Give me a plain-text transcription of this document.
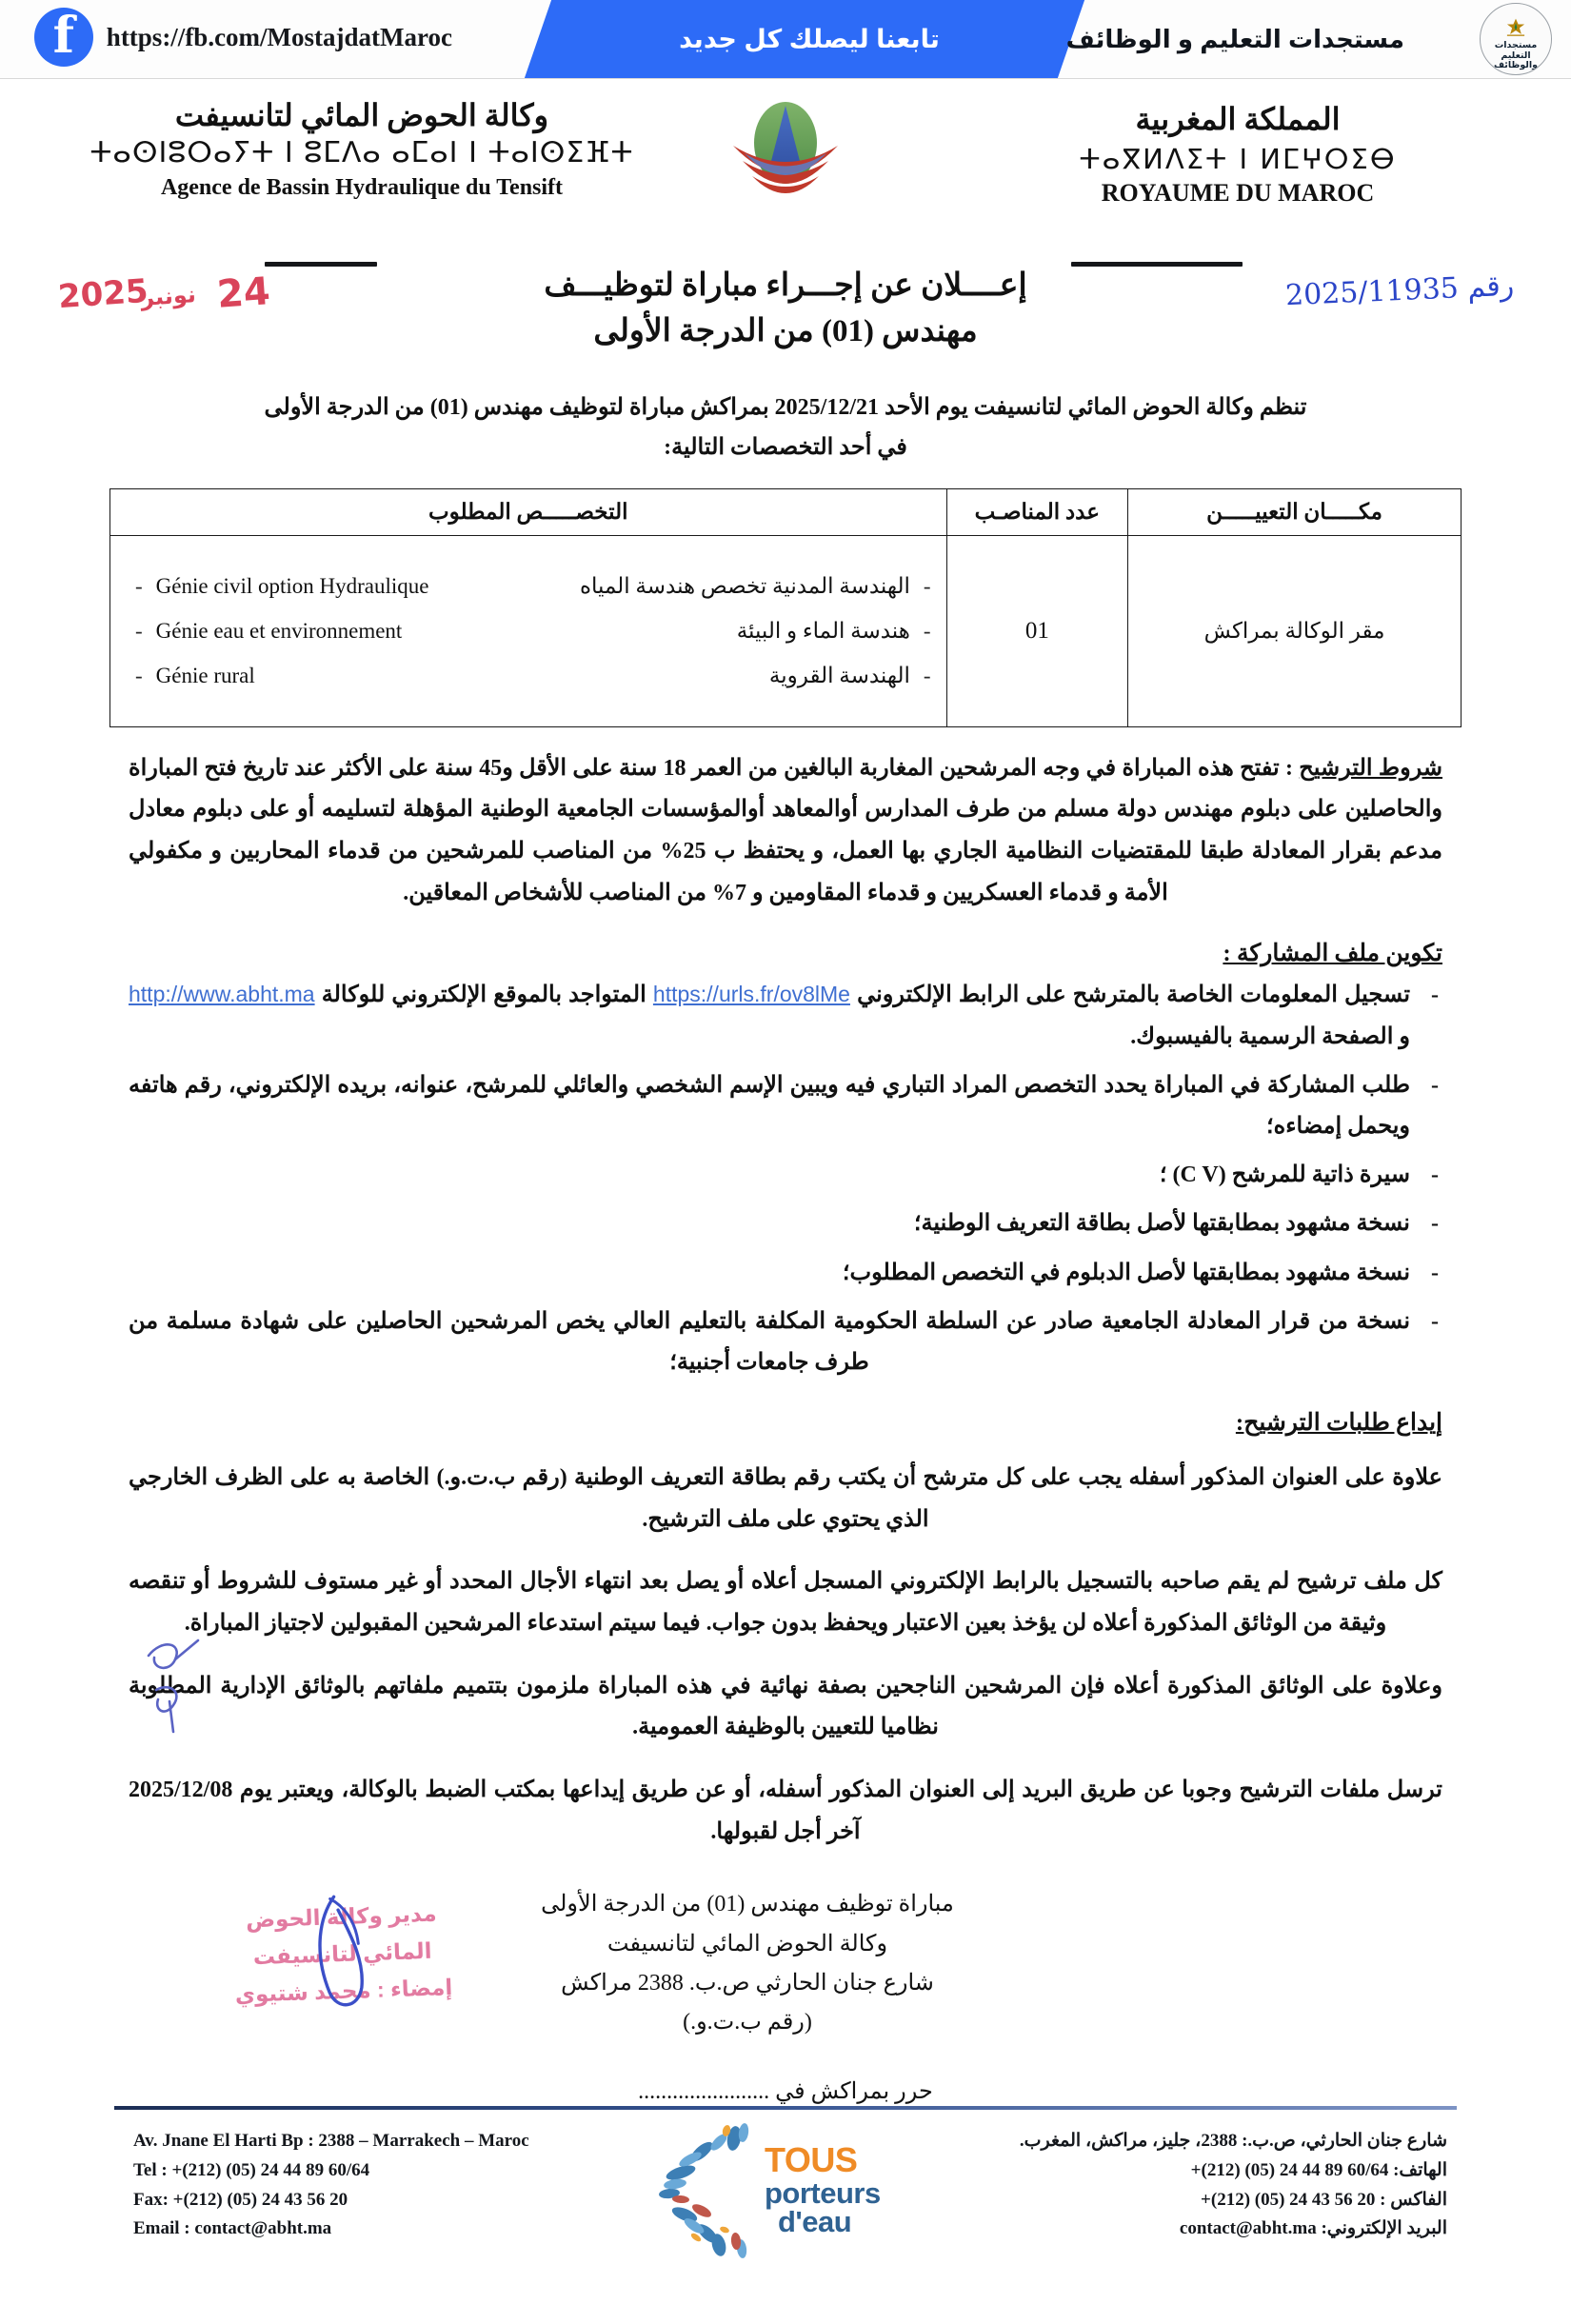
تابعنا ليصلك كل جديد
f
https://fb.com/MostajdatMaroc	مستجدات التعليم و الوظائف	مستجدات التعليم
والوظائف
وكالة الحوض المائي لتانسيفت
ⵜⴰⵙⵏⵓⵔⴰⵢⵜ ⵏ ⵓⵎⴷⴰ ⴰⵎⴰⵏ ⵏ ⵜⴰⵏⵙⵉⴼⵜ
Agence de Bassin Hydraulique du Tensift
المملكة المغربية
ⵜⴰⴳⵍⴷⵉⵜ ⵏ ⵍⵎⵖⵔⵉⴱ
ROYAUME DU MAROC
24
نونبر
2025	رقم 2025/11935
إعــــلان عن إجـــراء مباراة لتوظيـــف
مهندس (01) من الدرجة الأولى
تنظم وكالة الحوض المائي لتانسيفت يوم الأحد 2025/12/21 بمراكش مباراة لتوظيف مهندس (01) من الدرجة الأولى
في أحد التخصصات التالية:
مكـــــان التعييـــــن	عدد المناصـب	التخصـــــص المطلوب
مقر الوكالة بمراكش	01	
-
الهندسة المدنية تخصص هندسة المياه
-
هندسة الماء و البيئة
-
الهندسة القروية
- Génie civil option Hydraulique
- Génie eau et environnement
- Génie rural
شروط الترشيح : تفتح هذه المباراة في وجه المرشحين المغاربة البالغين من العمر 18 سنة على الأقل و45 سنة على الأكثر عند تاريخ فتح المباراة والحاصلين على دبلوم مهندس دولة مسلم من طرف المدارس أوالمعاهد أوالمؤسسات الجامعية الوطنية المؤهلة لتسليمه أو على دبلوم معادل مدعم بقرار المعادلة طبقا للمقتضيات النظامية الجاري بها العمل، و يحتفظ ب 25% من المناصب للمرشحين من قدماء المحاربين و مكفولي الأمة و قدماء العسكريين و قدماء المقاومين و 7% من المناصب للأشخاص المعاقين.
تكوين ملف المشاركة :
-
تسجيل المعلومات الخاصة بالمترشح على الرابط الإلكتروني https://urls.fr/ov8lMe المتواجد بالموقع الإلكتروني للوكالة http://www.abht.ma و الصفحة الرسمية بالفيسبوك.
-
طلب المشاركة في المباراة يحدد التخصص المراد التباري فيه ويبين الإسم الشخصي والعائلي للمرشح، عنوانه، بريده الإلكتروني، رقم هاتفه ويحمل إمضاءه؛
-
سيرة ذاتية للمرشح (C V) ؛
-
نسخة مشهود بمطابقتها لأصل بطاقة التعريف الوطنية؛
-
نسخة مشهود بمطابقتها لأصل الدبلوم في التخصص المطلوب؛
-
نسخة من قرار المعادلة الجامعية صادر عن السلطة الحكومية المكلفة بالتعليم العالي يخص المرشحين الحاصلين على شهادة مسلمة من طرف جامعات أجنبية؛
إيداع طلبات الترشيح:
علاوة على العنوان المذكور أسفله يجب على كل مترشح أن يكتب رقم بطاقة التعريف الوطنية (رقم ب.ت.و.) الخاصة به على الظرف الخارجي الذي يحتوي على ملف الترشيح.
كل ملف ترشيح لم يقم صاحبه بالتسجيل بالرابط الإلكتروني المسجل أعلاه أو يصل بعد انتهاء الأجال المحدد أو غير مستوف للشروط أو تنقصه وثيقة من الوثائق المذكورة أعلاه لن يؤخذ بعين الاعتبار ويحفظ بدون جواب. فيما سيتم استدعاء المرشحين المقبولين لاجتياز المباراة.
وعلاوة على الوثائق المذكورة أعلاه فإن المرشحين الناجحين بصفة نهائية في هذه المباراة ملزمون بتتميم ملفاتهم بالوثائق الإدارية المطلوبة نظاميا للتعيين بالوظيفة العمومية.
ترسل ملفات الترشيح وجوبا عن طريق البريد إلى العنوان المذكور أسفله، أو عن طريق إيداعها بمكتب الضبط بالوكالة، ويعتبر يوم 2025/12/08 آخر أجل لقبولها.
مباراة توظيف مهندس (01) من الدرجة الأولى
وكالة الحوض المائي لتانسيفت
شارع جنان الحارثي ص.ب. 2388 مراكش
(رقم ب.ت.و.)
مدير وكالة الحوض
المائي لتانسيفت
إمضاء : محمد شتيوي
حرر بمراكش في .......................
Av. Jnane El Harti Bp : 2388 – Marrakech – Maroc
Tel : +(212) (05) 24 44 89 60/64
Fax: +(212) (05) 24 43 56 20
Email : contact@abht.ma
TOUS
porteurs
d'eau
شارع جنان الحارثي، ص.ب.: 2388، جليز، مراكش، المغرب.
الهاتف: 60/64 89 44 24 (05) (212)+
الفاكس : 20 56 43 24 (05) (212)+
البريد الإلكتروني: contact@abht.ma
